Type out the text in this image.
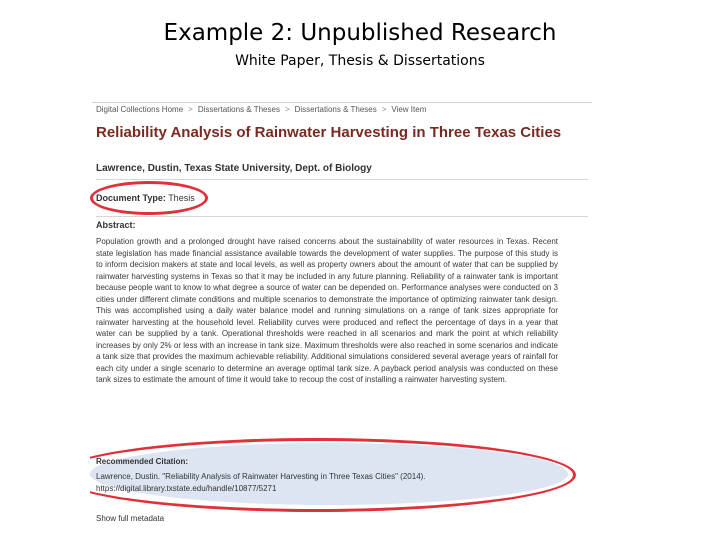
Example 2: Unpublished Research
White Paper, Thesis & Dissertations
Digital Collections Home > Dissertations & Theses > Dissertations & Theses > View Item
Reliability Analysis of Rainwater Harvesting in Three Texas Cities
Lawrence, Dustin, Texas State University, Dept. of Biology
Document Type: Thesis
Abstract:
Population growth and a prolonged drought have raised concerns about the sustainability of water resources in Texas. Recent state legislation has made financial assistance available towards the development of water supplies. The purpose of this study is to inform decision makers at state and local levels, as well as property owners about the amount of water that can be supplied by rainwater harvesting systems in Texas so that it may be included in any future planning. Reliability of a rainwater tank is important because people want to know to what degree a source of water can be depended on. Performance analyses were conducted on 3 cities under different climate conditions and multiple scenarios to demonstrate the importance of optimizing rainwater tank design. This was accomplished using a daily water balance model and running simulations on a range of tank sizes appropriate for rainwater harvesting at the household level. Reliability curves were produced and reflect the percentage of days in a year that water can be supplied by a tank. Operational thresholds were reached in all scenarios and mark the point at which reliability increases by only 2% or less with an increase in tank size. Maximum thresholds were also reached in some scenarios and indicate a tank size that provides the maximum achievable reliability. Additional simulations considered several average years of rainfall for each city under a single scenario to determine an average optimal tank size. A payback period analysis was conducted on these tank sizes to estimate the amount of time it would take to recoup the cost of installing a rainwater harvesting system.
Recommended Citation:
Lawrence, Dustin. "Reliability Analysis of Rainwater Harvesting in Three Texas Cities" (2014).
https://digital.library.txstate.edu/handle/10877/5271
Show full metadata
